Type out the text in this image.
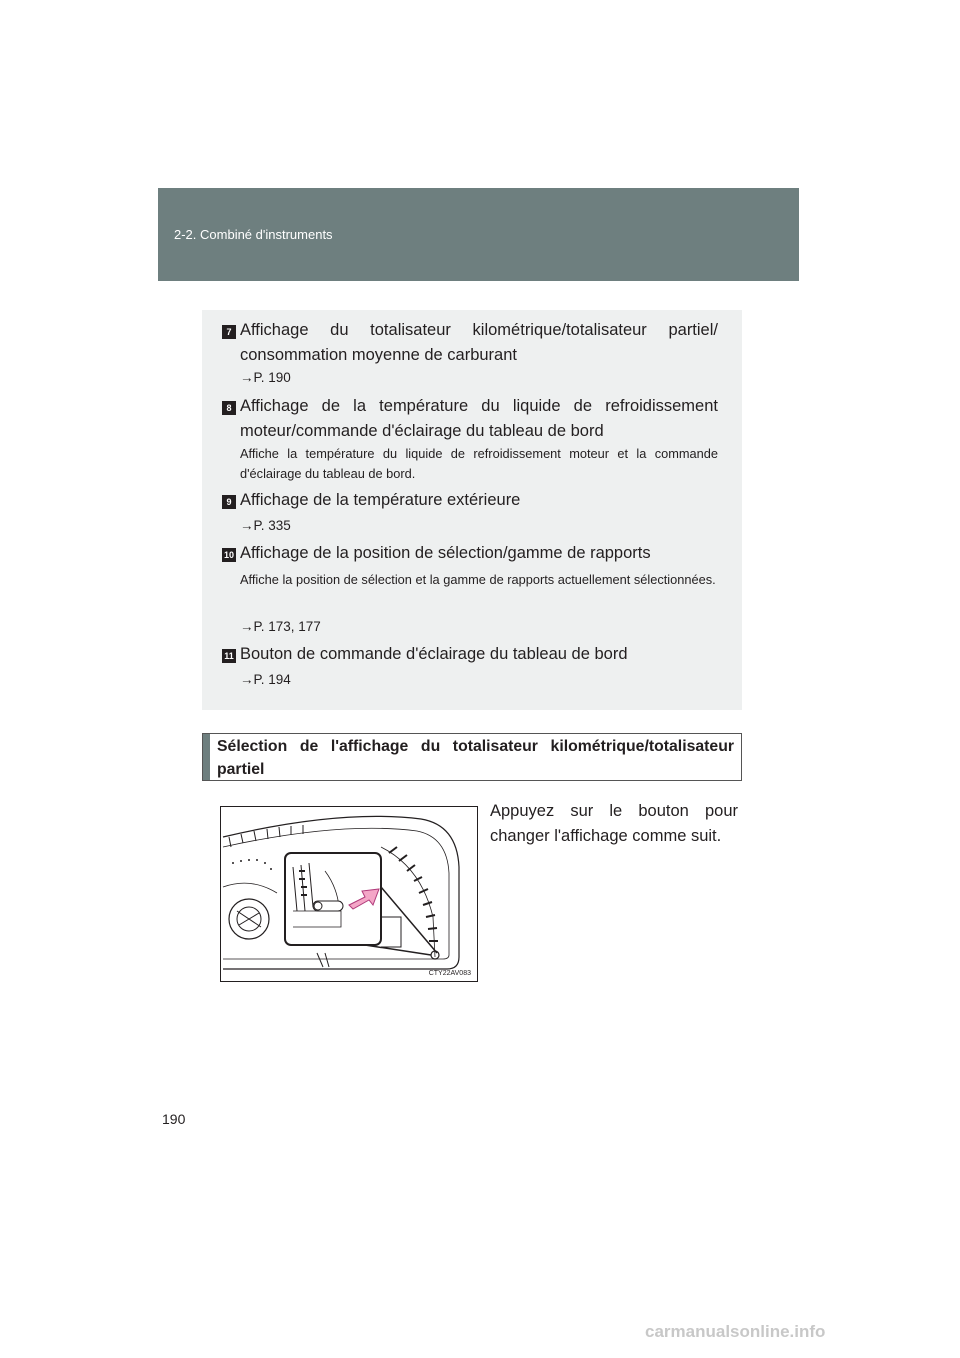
2-2. Combiné d'instruments
7 Affichage du totalisateur kilométrique/totalisateur partiel/ consommation moyenne de carburant
→P. 190
8 Affichage de la température du liquide de refroidissement moteur/commande d'éclairage du tableau de bord
Affiche la température du liquide de refroidissement moteur et la commande d'éclairage du tableau de bord.
9 Affichage de la température extérieure
→P. 335
10 Affichage de la position de sélection/gamme de rapports
Affiche la position de sélection et la gamme de rapports actuellement sélectionnées.
→P. 173, 177
11 Bouton de commande d'éclairage du tableau de bord
→P. 194
Sélection de l'affichage du totalisateur kilométrique/totalisateur partiel
CTY22AV083
Appuyez sur le bouton pour
changer l'affichage comme suit.
190
carmanualsonline.info
